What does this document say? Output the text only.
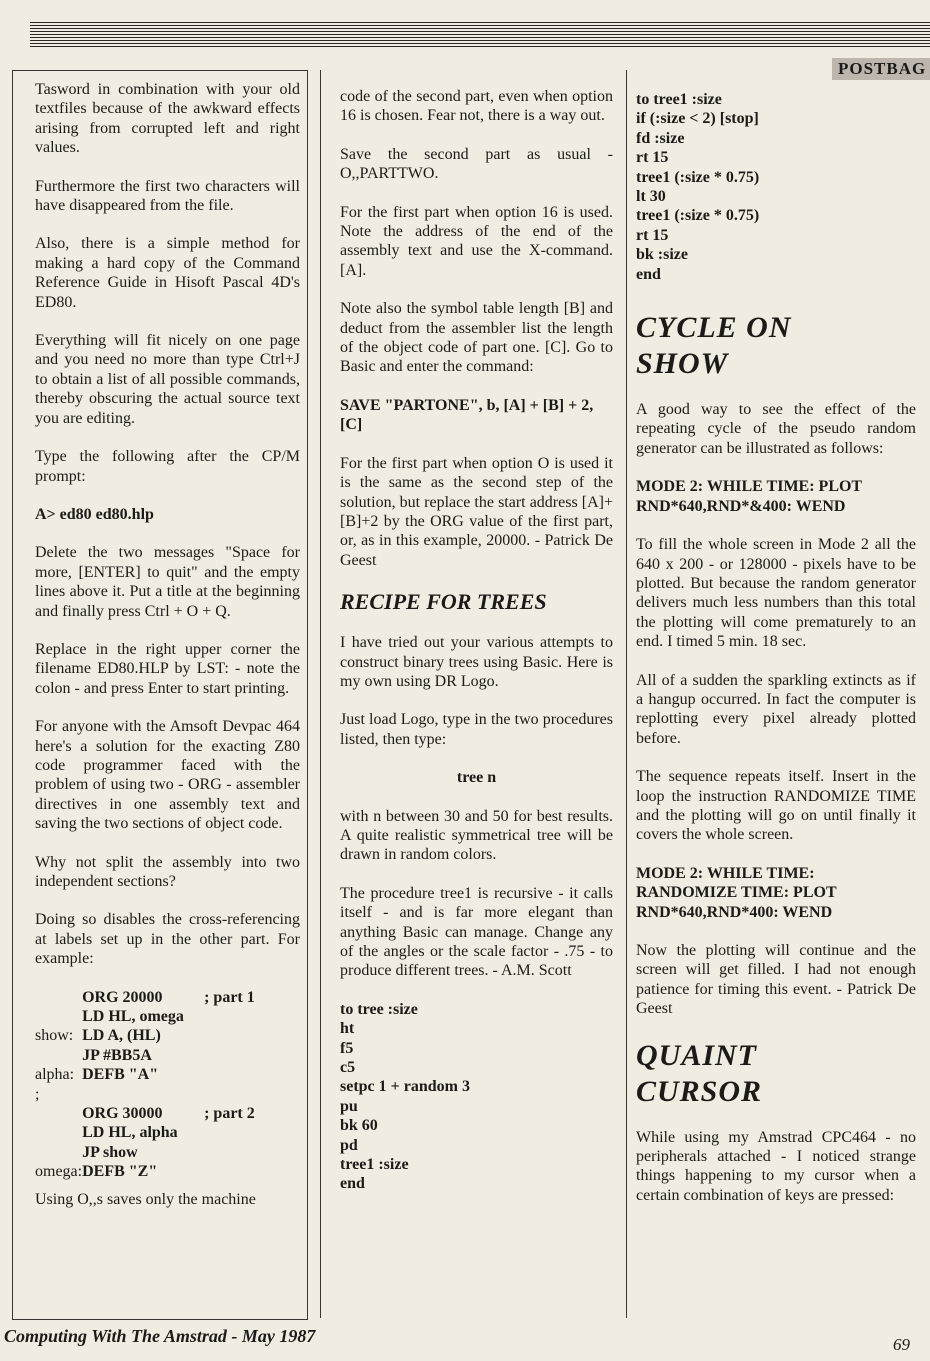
POSTBAG

Tasword in combination with your old textfiles because of the awkward effects arising from corrupted left and right values.

Furthermore the first two characters will have disappeared from the file.

Also, there is a simple method for making a hard copy of the Command Reference Guide in Hisoft Pascal 4D's ED80.

Everything will fit nicely on one page and you need no more than type Ctrl+J to obtain a list of all possible commands, thereby obscuring the actual source text you are editing.

Type the following after the CP/M prompt:

A> ed80 ed80.hlp

Delete the two messages "Space for more, [ENTER] to quit" and the empty lines above it. Put a title at the beginning and finally press Ctrl + O + Q.

Replace in the right upper corner the filename ED80.HLP by LST: - note the colon - and press Enter to start printing.

For anyone with the Amsoft Devpac 464 here's a solution for the exacting Z80 code programmer faced with the problem of using two - ORG - assembler directives in one assembly text and saving the two sections of object code.

Why not split the assembly into two independent sections?

Doing so disables the cross-referencing at labels set up in the other part. For example:

	ORG 20000	; part 1
	LD HL, omega	
show:	LD A, (HL)	
	JP #BB5A	
alpha:	DEFB "A"	
;		
	ORG 30000	; part 2
	LD HL, alpha	
	JP show	
omega:	DEFB "Z"	

Using O,,s saves only the machine

code of the second part, even when option 16 is chosen. Fear not, there is a way out.

Save the second part as usual - O,,PARTTWO.

For the first part when option 16 is used. Note the address of the end of the assembly text and use the X-command. [A].

Note also the symbol table length [B] and deduct from the assembler list the length of the object code of part one. [C]. Go to Basic and enter the command:

SAVE "PARTONE", b, [A] + [B] + 2, [C]

For the first part when option O is used it is the same as the second step of the solution, but replace the start address [A]+[B]+2 by the ORG value of the first part, or, as in this example, 20000. - Patrick De Geest

RECIPE FOR TREES

I have tried out your various attempts to construct binary trees using Basic. Here is my own using DR Logo.

Just load Logo, type in the two procedures listed, then type:

tree n

with n between 30 and 50 for best results. A quite realistic symmetrical tree will be drawn in random colors.

The procedure tree1 is recursive - it calls itself - and is far more elegant than anything Basic can manage. Change any of the angles or the scale factor - .75 - to produce different trees. - A.M. Scott

to tree :size

ht

f5

c5

setpc 1 + random 3

pu

bk 60

pd

tree1 :size

end

to tree1 :size

if (:size < 2) [stop]

fd :size

rt 15

tree1 (:size * 0.75)

lt 30

tree1 (:size * 0.75)

rt 15

bk :size

end

CYCLE ON
SHOW

A good way to see the effect of the repeating cycle of the pseudo random generator can be illustrated as follows:

MODE 2: WHILE TIME: PLOT RND*640,RND*&400: WEND

To fill the whole screen in Mode 2 all the 640 x 200 - or 128000 - pixels have to be plotted. But because the random generator delivers much less numbers than this total the plotting will come prematurely to an end. I timed 5 min. 18 sec.

All of a sudden the sparkling extincts as if a hangup occurred. In fact the computer is replotting every pixel already plotted before.

The sequence repeats itself. Insert in the loop the instruction RANDOMIZE TIME and the plotting will go on until finally it covers the whole screen.

MODE 2: WHILE TIME: RANDOMIZE TIME: PLOT RND*640,RND*400: WEND

Now the plotting will continue and the screen will get filled. I had not enough patience for timing this event. - Patrick De Geest

QUAINT
CURSOR

While using my Amstrad CPC464 - no peripherals attached - I noticed strange things happening to my cursor when a certain combination of keys are pressed:

Computing With The Amstrad - May 1987	69
